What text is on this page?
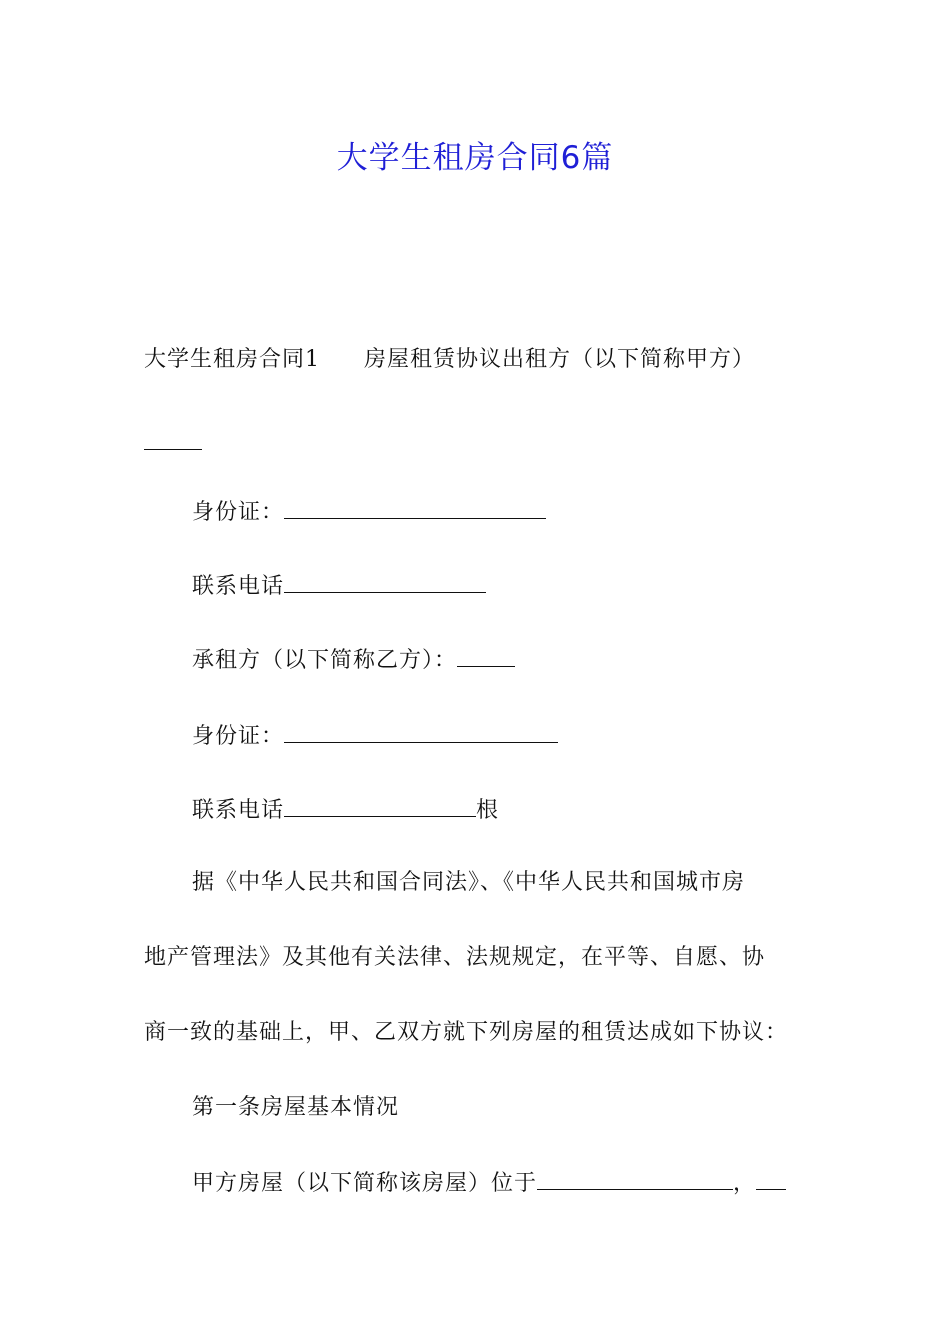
大学生租房合同6篇
大学生租房合同1 房屋租赁协议出租方（以下简称甲方）
身份证：
联系电话
承租方（以下简称乙方）：
身份证：
联系电话	根
据《中华人民共和国合同法》、《中华人民共和国城市房
地产管理法》及其他有关法律、法规规定，在平等、自愿、协
商一致的基础上，甲、乙双方就下列房屋的租赁达成如下协议：
第一条房屋基本情况
甲方房屋（以下简称该房屋）位于	，
